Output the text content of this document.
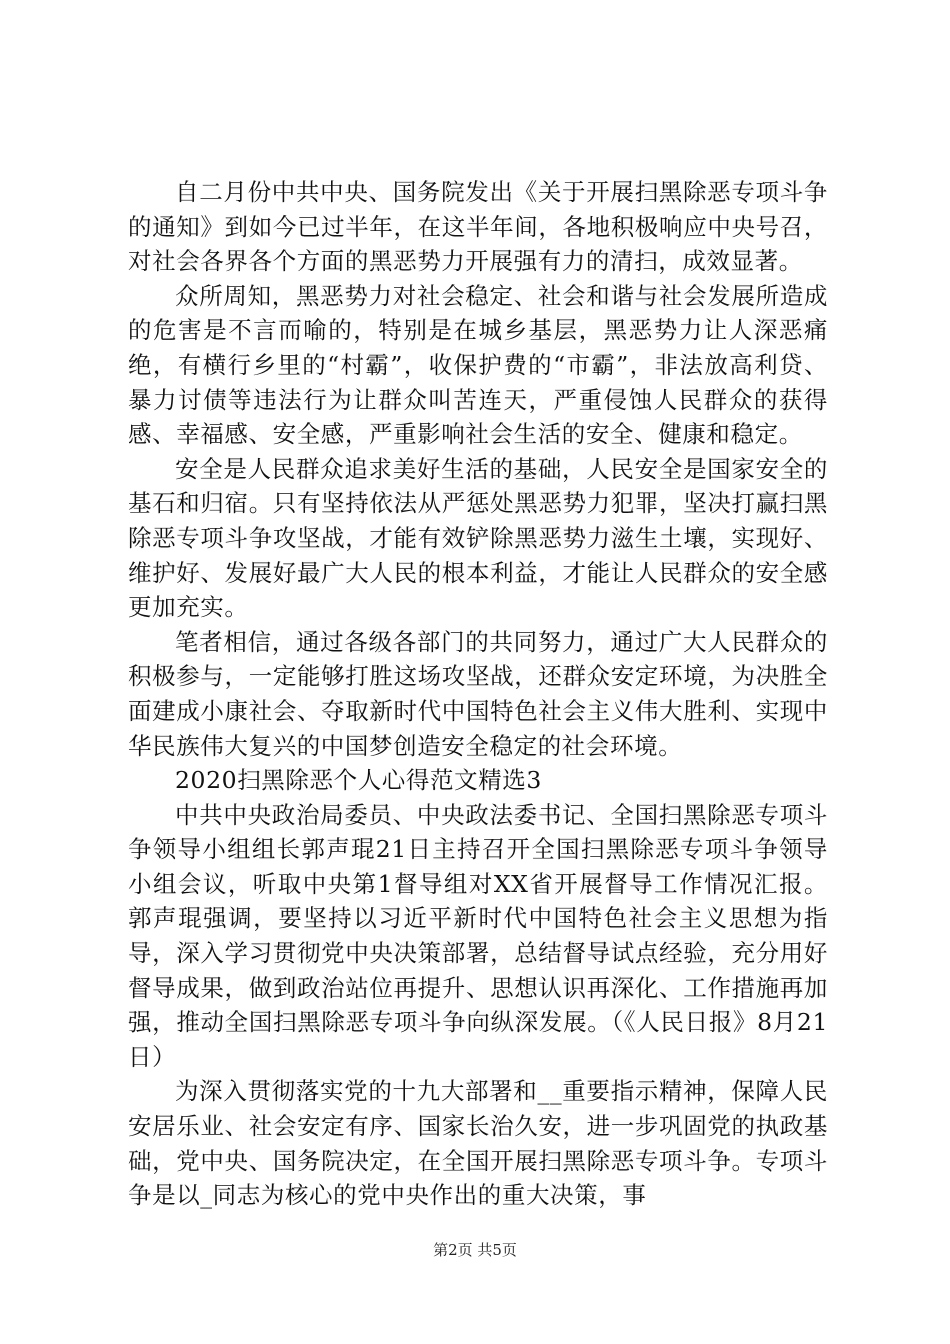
自二月份中共中央、国务院发出《关于开展扫黑除恶专项斗争的通知》到如今已过半年，在这半年间，各地积极响应中央号召，对社会各界各个方面的黑恶势力开展强有力的清扫，成效显著。

众所周知，黑恶势力对社会稳定、社会和谐与社会发展所造成的危害是不言而喻的，特别是在城乡基层，黑恶势力让人深恶痛绝，有横行乡里的“村霸”，收保护费的“市霸”，非法放高利贷、暴力讨债等违法行为让群众叫苦连天，严重侵蚀人民群众的获得感、幸福感、安全感，严重影响社会生活的安全、健康和稳定。

安全是人民群众追求美好生活的基础，人民安全是国家安全的基石和归宿。只有坚持依法从严惩处黑恶势力犯罪，坚决打赢扫黑除恶专项斗争攻坚战，才能有效铲除黑恶势力滋生土壤，实现好、维护好、发展好最广大人民的根本利益，才能让人民群众的安全感更加充实。

笔者相信，通过各级各部门的共同努力，通过广大人民群众的积极参与，一定能够打胜这场攻坚战，还群众安定环境，为决胜全面建成小康社会、夺取新时代中国特色社会主义伟大胜利、实现中华民族伟大复兴的中国梦创造安全稳定的社会环境。

2020扫黑除恶个人心得范文精选3

中共中央政治局委员、中央政法委书记、全国扫黑除恶专项斗争领导小组组长郭声琨21日主持召开全国扫黑除恶专项斗争领导小组会议，听取中央第1督导组对XX省开展督导工作情况汇报。郭声琨强调，要坚持以习近平新时代中国特色社会主义思想为指导，深入学习贯彻党中央决策部署，总结督导试点经验，充分用好督导成果，做到政治站位再提升、思想认识再深化、工作措施再加强，推动全国扫黑除恶专项斗争向纵深发展。（《人民日报》8月21日）

为深入贯彻落实党的十九大部署和__重要指示精神，保障人民安居乐业、社会安定有序、国家长治久安，进一步巩固党的执政基础，党中央、国务院决定，在全国开展扫黑除恶专项斗争。专项斗争是以_同志为核心的党中央作出的重大决策，事

第2页 共5页
